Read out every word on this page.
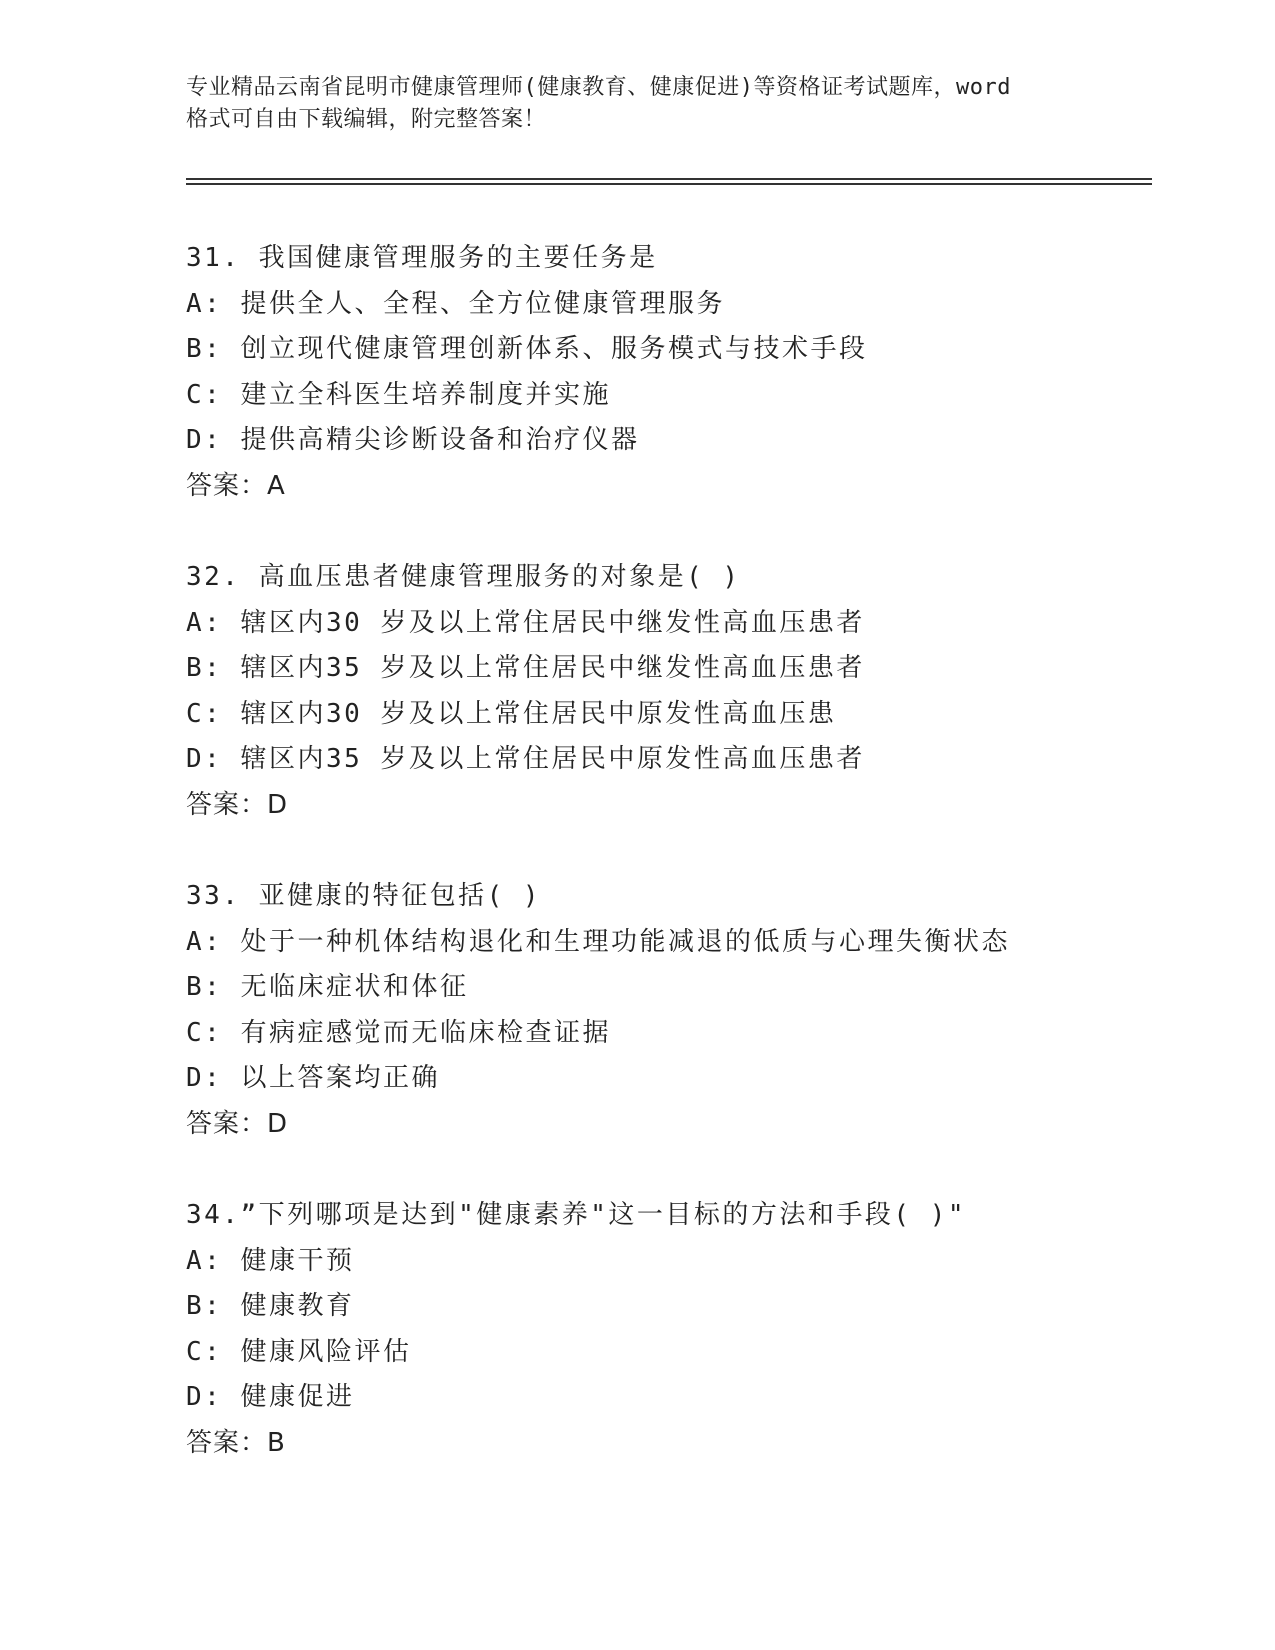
专业精品云南省昆明市健康管理师(健康教育、健康促进)等资格证考试题库，word
格式可自由下载编辑，附完整答案！
31. 我国健康管理服务的主要任务是
A: 提供全人、全程、全方位健康管理服务
B: 创立现代健康管理创新体系、服务模式与技术手段
C: 建立全科医生培养制度并实施
D: 提供高精尖诊断设备和治疗仪器
答案：A
32. 高血压患者健康管理服务的对象是( )
A: 辖区内30 岁及以上常住居民中继发性高血压患者
B: 辖区内35 岁及以上常住居民中继发性高血压患者
C: 辖区内30 岁及以上常住居民中原发性高血压患
D: 辖区内35 岁及以上常住居民中原发性高血压患者
答案：D
33. 亚健康的特征包括( )
A: 处于一种机体结构退化和生理功能减退的低质与心理失衡状态
B: 无临床症状和体征
C: 有病症感觉而无临床检查证据
D: 以上答案均正确
答案：D
34.”下列哪项是达到"健康素养"这一目标的方法和手段( )"
A: 健康干预
B: 健康教育
C: 健康风险评估
D: 健康促进
答案：B
